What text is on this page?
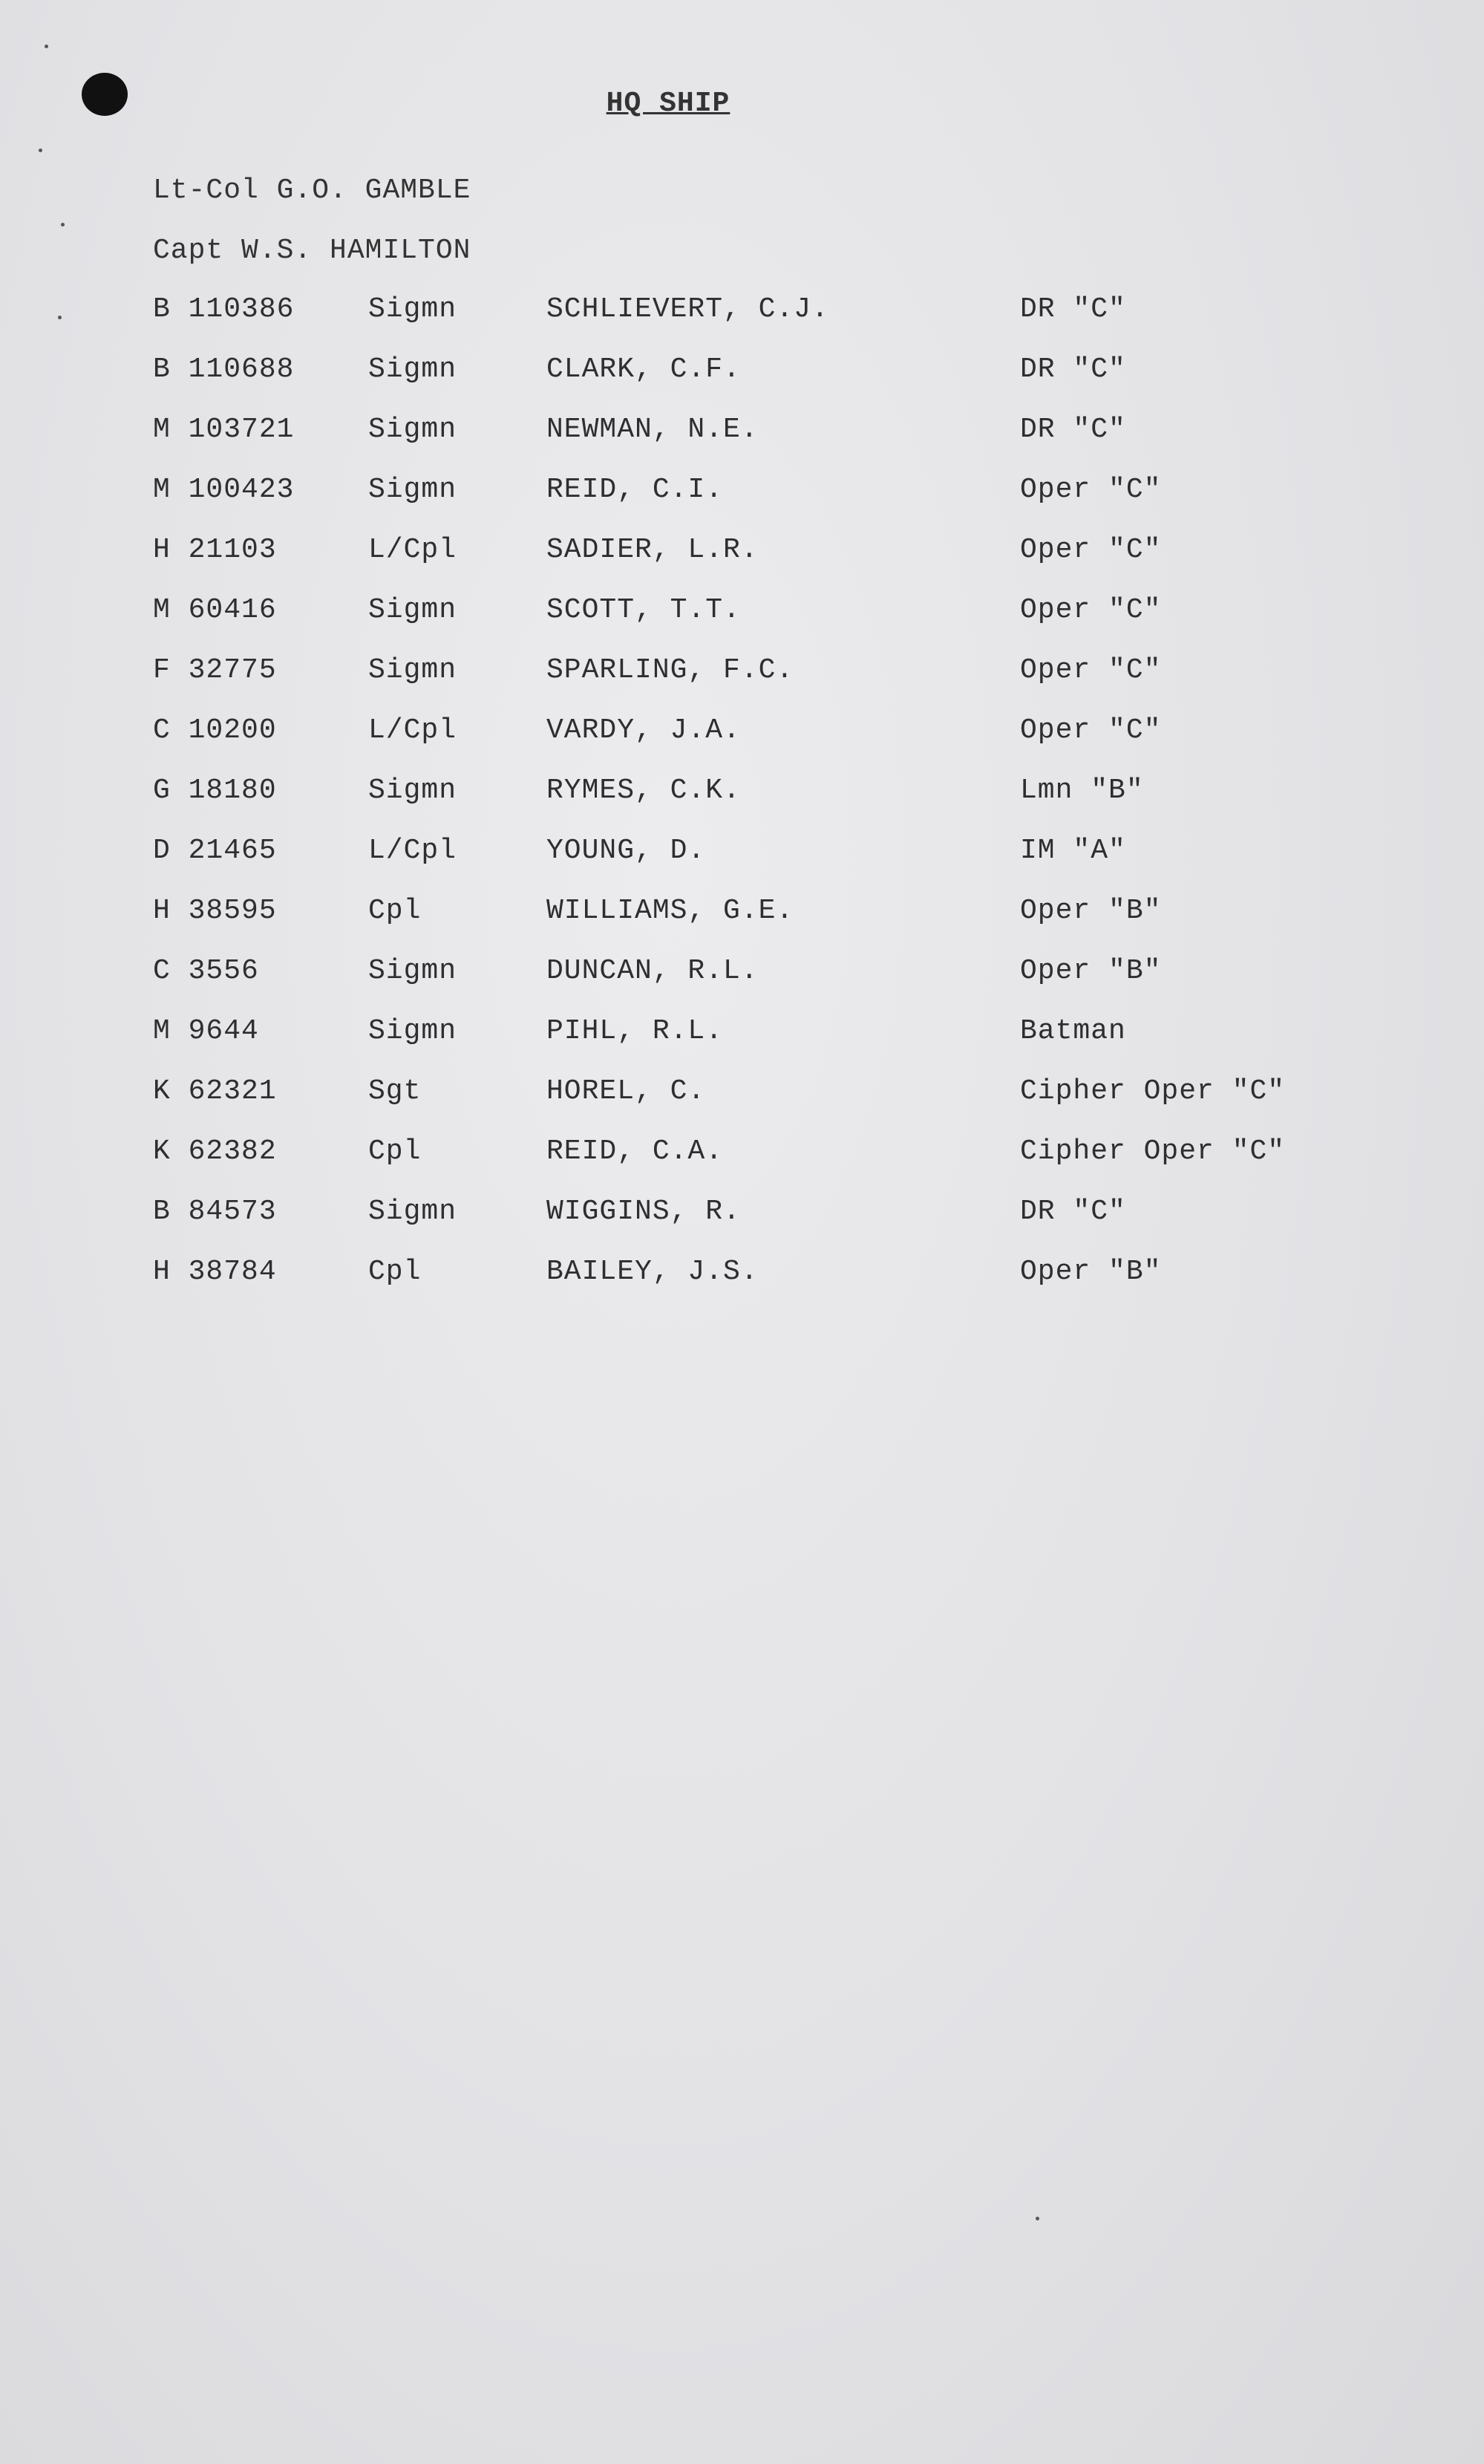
HQ SHIP
Lt-Col G.O. GAMBLE
Capt W.S. HAMILTON
B 110386	Sigmn	SCHLIEVERT, C.J.	DR "C"
B 110688	Sigmn	CLARK, C.F.	DR "C"
M 103721	Sigmn	NEWMAN, N.E.	DR "C"
M 100423	Sigmn	REID, C.I.	Oper "C"
H 21103	L/Cpl	SADIER, L.R.	Oper "C"
M 60416	Sigmn	SCOTT, T.T.	Oper "C"
F 32775	Sigmn	SPARLING, F.C.	Oper "C"
C 10200	L/Cpl	VARDY, J.A.	Oper "C"
G 18180	Sigmn	RYMES, C.K.	Lmn "B"
D 21465	L/Cpl	YOUNG, D.	IM "A"
H 38595	Cpl	WILLIAMS, G.E.	Oper "B"
C 3556	Sigmn	DUNCAN, R.L.	Oper "B"
M 9644	Sigmn	PIHL, R.L.	Batman
K 62321	Sgt	HOREL, C.	Cipher Oper "C"
K 62382	Cpl	REID, C.A.	Cipher Oper "C"
B 84573	Sigmn	WIGGINS, R.	DR "C"
H 38784	Cpl	BAILEY, J.S.	Oper "B"
